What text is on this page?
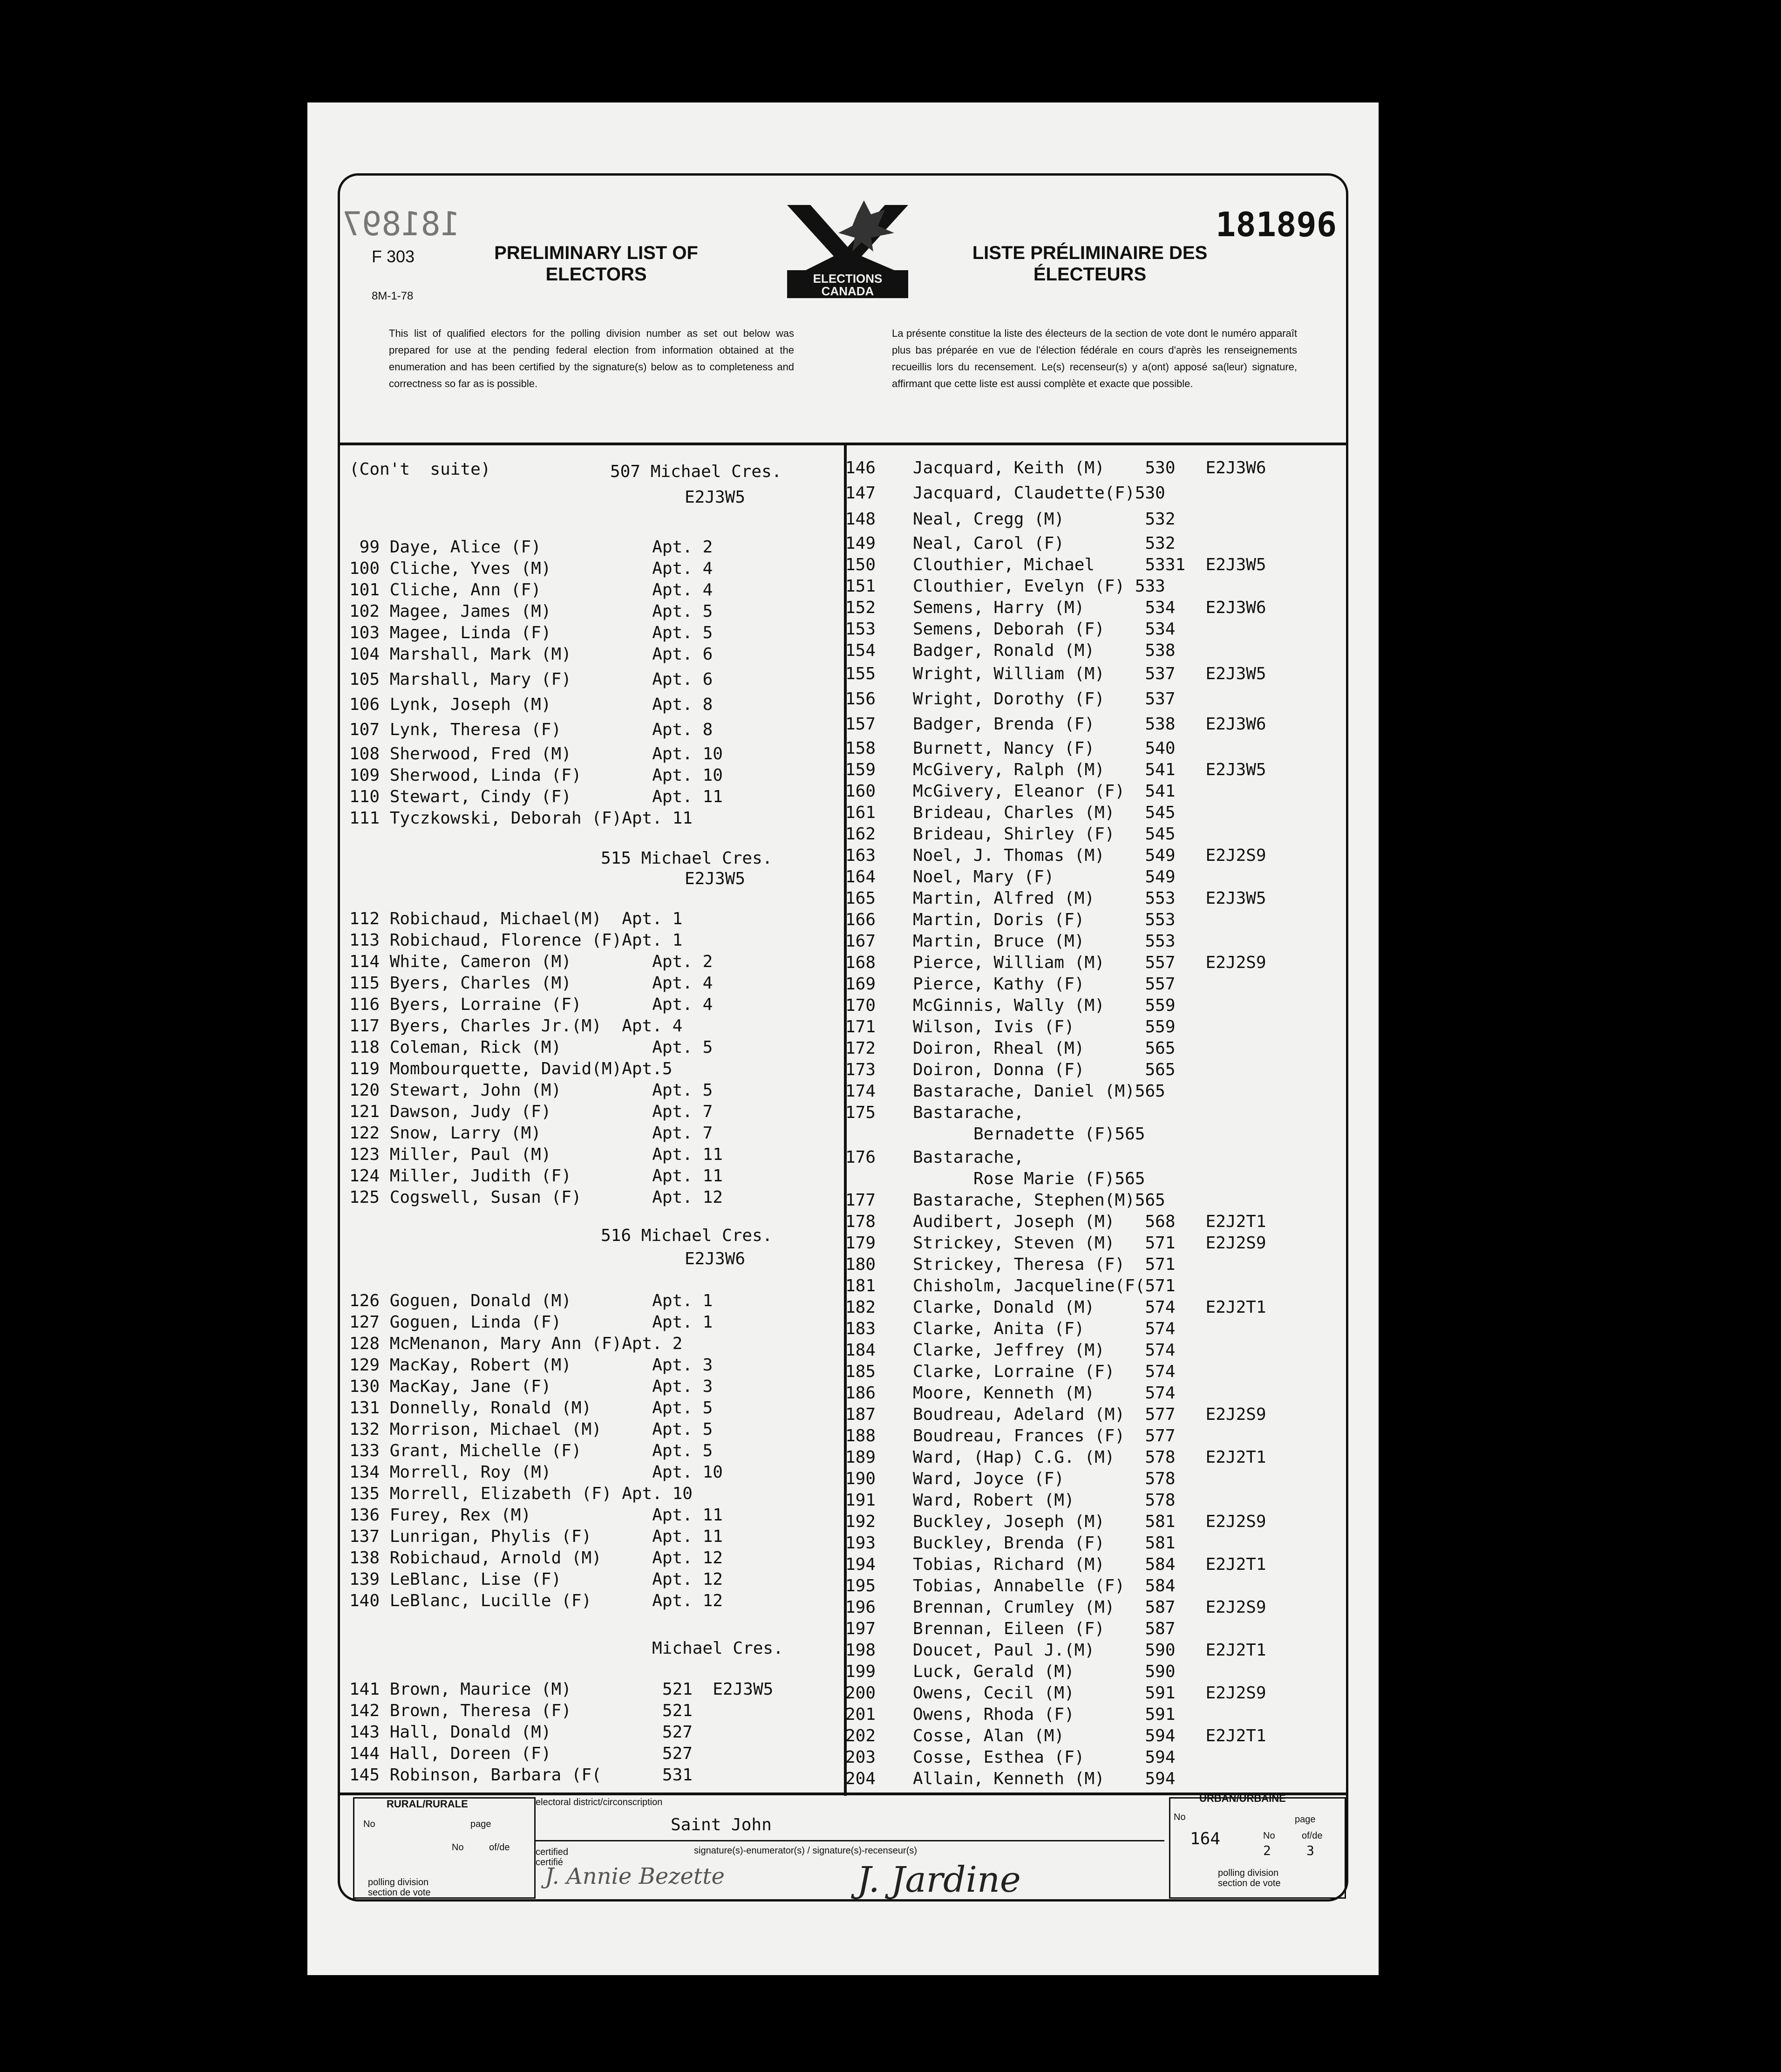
181897	181896
F 303
8M-1-78
PRELIMINARY LIST OF
ELECTORS
LISTE PRÉLIMINAIRE DES
ÉLECTEURS
ELECTIONS
CANADA
This list of qualified electors for the polling division number as set out below was prepared for use at the pending federal election from information obtained at the enumeration and has been certified by the signature(s) below as to completeness and correctness so far as is possible.
La présente constitue la liste des électeurs de la section de vote dont le numéro apparaît plus bas préparée en vue de l'élection fédérale en cours d'après les renseignements recueillis lors du recensement. Le(s) recenseur(s) y a(ont) apposé sa(leur) signature, affirmant que cette liste est aussi complète et exacte que possible.
(Con't  suite)	507 Michael Cres.
E2J3W5
99 Daye, Alice (F)           Apt. 2
100 Cliche, Yves (M)          Apt. 4
101 Cliche, Ann (F)           Apt. 4
102 Magee, James (M)          Apt. 5
103 Magee, Linda (F)          Apt. 5
104 Marshall, Mark (M)        Apt. 6
105 Marshall, Mary (F)        Apt. 6
106 Lynk, Joseph (M)          Apt. 8
107 Lynk, Theresa (F)         Apt. 8
108 Sherwood, Fred (M)        Apt. 10
109 Sherwood, Linda (F)       Apt. 10
110 Stewart, Cindy (F)        Apt. 11
111 Tyczkowski, Deborah (F)Apt. 11
515 Michael Cres.
E2J3W5
112 Robichaud, Michael(M)  Apt. 1
113 Robichaud, Florence (F)Apt. 1
114 White, Cameron (M)        Apt. 2
115 Byers, Charles (M)        Apt. 4
116 Byers, Lorraine (F)       Apt. 4
117 Byers, Charles Jr.(M)  Apt. 4
118 Coleman, Rick (M)         Apt. 5
119 Mombourquette, David(M)Apt.5
120 Stewart, John (M)         Apt. 5
121 Dawson, Judy (F)          Apt. 7
122 Snow, Larry (M)           Apt. 7
123 Miller, Paul (M)          Apt. 11
124 Miller, Judith (F)        Apt. 11
125 Cogswell, Susan (F)       Apt. 12
516 Michael Cres.
E2J3W6
126 Goguen, Donald (M)        Apt. 1
127 Goguen, Linda (F)         Apt. 1
128 McMenanon, Mary Ann (F)Apt. 2
129 MacKay, Robert (M)        Apt. 3
130 MacKay, Jane (F)          Apt. 3
131 Donnelly, Ronald (M)      Apt. 5
132 Morrison, Michael (M)     Apt. 5
133 Grant, Michelle (F)       Apt. 5
134 Morrell, Roy (M)          Apt. 10
135 Morrell, Elizabeth (F) Apt. 10
136 Furey, Rex (M)            Apt. 11
137 Lunrigan, Phylis (F)      Apt. 11
138 Robichaud, Arnold (M)     Apt. 12
139 LeBlanc, Lise (F)         Apt. 12
140 LeBlanc, Lucille (F)      Apt. 12
Michael Cres.
141 Brown, Maurice (M)         521  E2J3W5
142 Brown, Theresa (F)         521
143 Hall, Donald (M)           527
144 Hall, Doreen (F)           527
145 Robinson, Barbara (F(      531
146 Jacquard, Keith (M)    530   E2J3W6
147 Jacquard, Claudette(F)530
148 Neal, Cregg (M)        532
149 Neal, Carol (F)        532
150 Clouthier, Michael     5331  E2J3W5
151 Clouthier, Evelyn (F) 533
152 Semens, Harry (M)      534   E2J3W6
153 Semens, Deborah (F)    534
154 Badger, Ronald (M)     538
155 Wright, William (M)    537   E2J3W5
156 Wright, Dorothy (F)    537
157 Badger, Brenda (F)     538   E2J3W6
158 Burnett, Nancy (F)     540
159 McGivery, Ralph (M)    541   E2J3W5
160 McGivery, Eleanor (F)  541
161 Brideau, Charles (M)   545
162 Brideau, Shirley (F)   545
163 Noel, J. Thomas (M)    549   E2J2S9
164 Noel, Mary (F)         549
165 Martin, Alfred (M)     553   E2J3W5
166 Martin, Doris (F)      553
167 Martin, Bruce (M)      553
168 Pierce, William (M)    557   E2J2S9
169 Pierce, Kathy (F)      557
170 McGinnis, Wally (M)    559
171 Wilson, Ivis (F)       559
172 Doiron, Rheal (M)      565
173 Doiron, Donna (F)      565
174 Bastarache, Daniel (M)565
175 Bastarache,
Bernadette (F)565
176 Bastarache,
Rose Marie (F)565
177 Bastarache, Stephen(M)565
178 Audibert, Joseph (M)   568   E2J2T1
179 Strickey, Steven (M)   571   E2J2S9
180 Strickey, Theresa (F)  571
181 Chisholm, Jacqueline(F(571
182 Clarke, Donald (M)     574   E2J2T1
183 Clarke, Anita (F)      574
184 Clarke, Jeffrey (M)    574
185 Clarke, Lorraine (F)   574
186 Moore, Kenneth (M)     574
187 Boudreau, Adelard (M)  577   E2J2S9
188 Boudreau, Frances (F)  577
189 Ward, (Hap) C.G. (M)   578   E2J2T1
190 Ward, Joyce (F)        578
191 Ward, Robert (M)       578
192 Buckley, Joseph (M)    581   E2J2S9
193 Buckley, Brenda (F)    581
194 Tobias, Richard (M)    584   E2J2T1
195 Tobias, Annabelle (F)  584
196 Brennan, Crumley (M)   587   E2J2S9
197 Brennan, Eileen (F)    587
198 Doucet, Paul J.(M)     590   E2J2T1
199 Luck, Gerald (M)       590
200 Owens, Cecil (M)       591   E2J2S9
201 Owens, Rhoda (F)       591
202 Cosse, Alan (M)        594   E2J2T1
203 Cosse, Esthea (F)      594
204 Allain, Kenneth (M)    594
RURAL/RURALE
No	page
No	of/de
polling division
section de vote
electoral district/circonscription
Saint John
certified
certifié
signature(s)-enumerator(s) / signature(s)-recenseur(s)
J. Annie Bezette	J. Jardine
URBAN/URBAINE
No	page
164	No	of/de
2	3
polling division
section de vote
